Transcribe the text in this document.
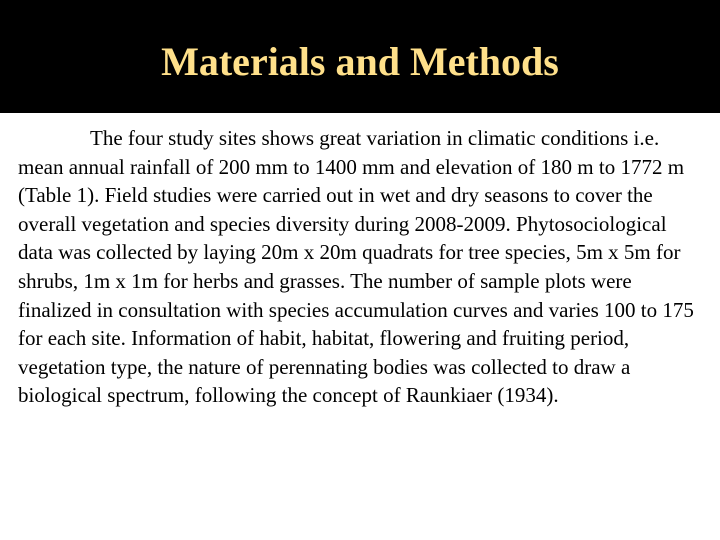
Materials and Methods

The four study sites shows great variation in climatic conditions i.e. mean annual rainfall of 200 mm to 1400 mm and elevation of 180 m to 1772 m (Table 1). Field studies were carried out in wet and dry seasons to cover the overall vegetation and species diversity during 2008-2009. Phytosociological data was collected by laying 20m x 20m quadrats for tree species, 5m x 5m for shrubs, 1m x 1m for herbs and grasses. The number of sample plots were finalized in consultation with species accumulation curves and varies 100 to 175 for each site. Information of habit, habitat, flowering and fruiting period, vegetation type, the nature of perennating bodies was collected to draw a biological spectrum, following the concept of Raunkiaer (1934).
